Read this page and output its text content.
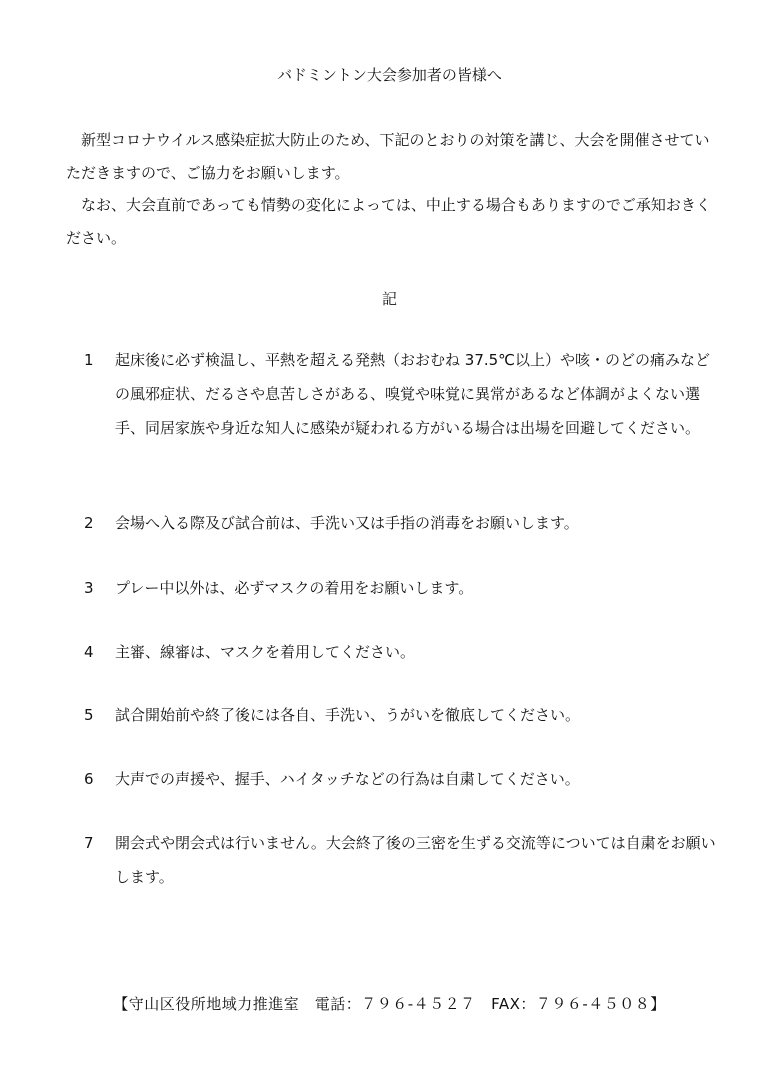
バドミントン大会参加者の皆様へ

新型コロナウイルス感染症拡大防止のため、下記のとおりの対策を講じ、大会を開催させていただきますので、ご協力をお願いします。

なお、大会直前であっても情勢の変化によっては、中止する場合もありますのでご承知おきください。

記
1	起床後に必ず検温し、平熱を超える発熱（おおむね 37.5℃以上）や咳・のどの痛みなどの風邪症状、だるさや息苦しさがある、嗅覚や味覚に異常があるなど体調がよくない選手、同居家族や身近な知人に感染が疑われる方がいる場合は出場を回避してください。
2	会場へ入る際及び試合前は、手洗い又は手指の消毒をお願いします。
3	プレー中以外は、必ずマスクの着用をお願いします。
4	主審、線審は、マスクを着用してください。
5	試合開始前や終了後には各自、手洗い、うがいを徹底してください。
6	大声での声援や、握手、ハイタッチなどの行為は自粛してください。
7	開会式や閉会式は行いません。大会終了後の三密を生ずる交流等については自粛をお願いします。
【守山区役所地域力推進室　電話：７９６-４５２７　FAX：７９６-４５０８】
